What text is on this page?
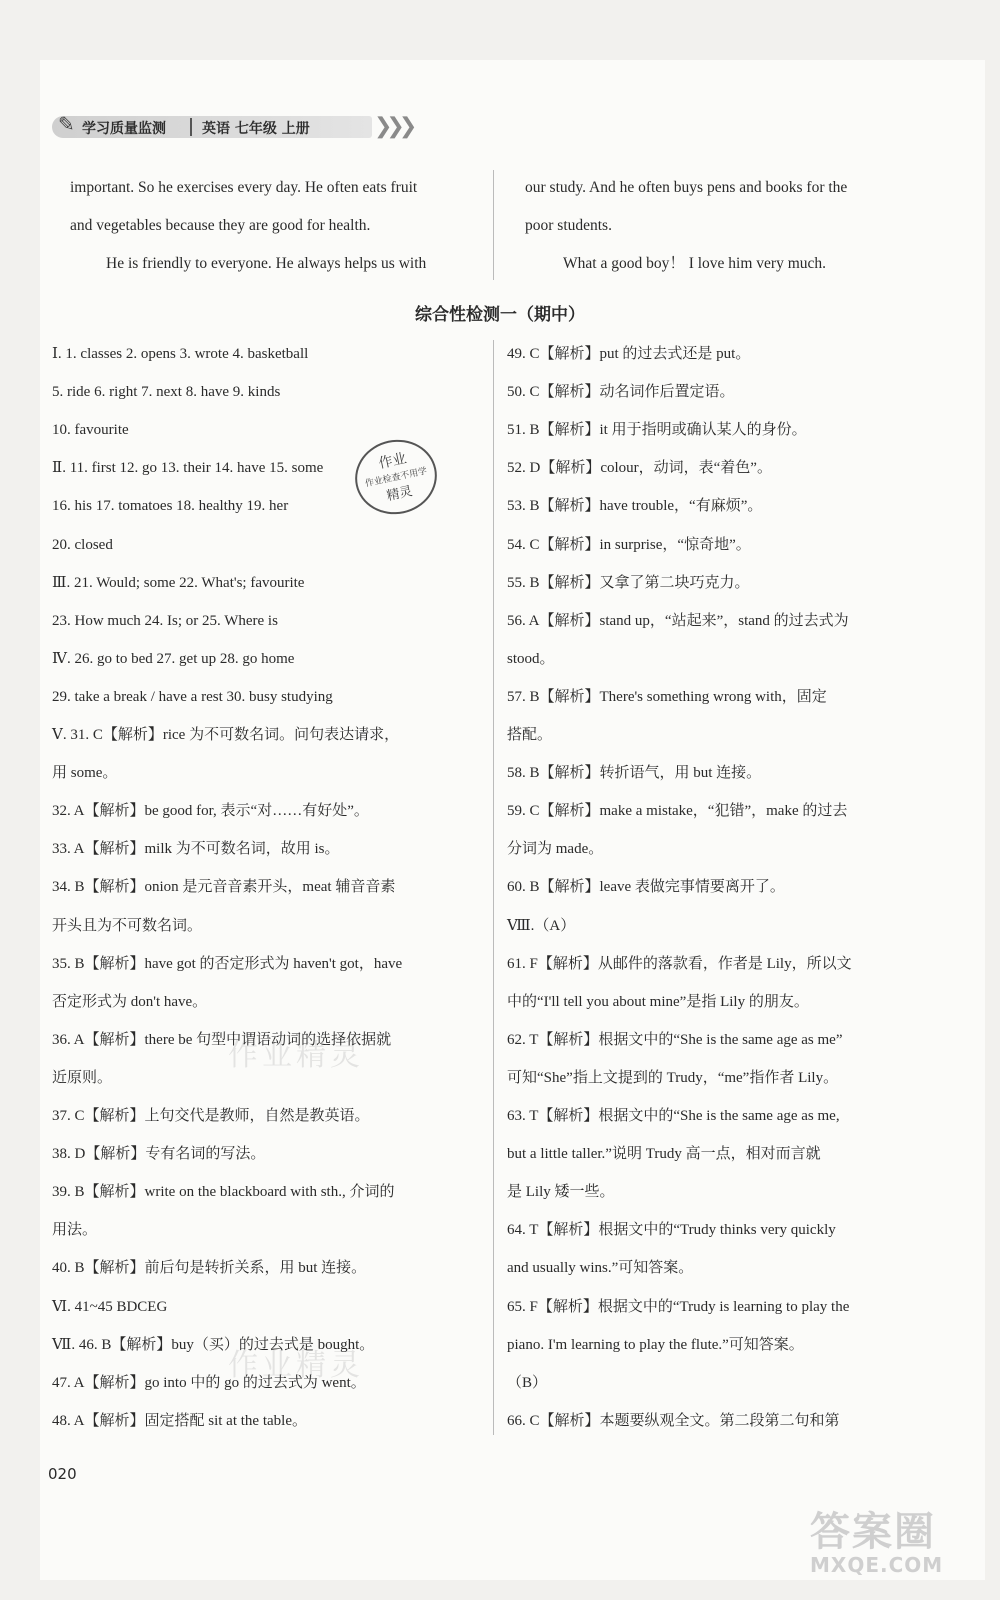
✎ 学习质量监测	英语 七年级 上册	❯❯❯
important. So he exercises every day. He often eats fruit
and vegetables because they are good for health.
He is friendly to everyone. He always helps us with
our study. And he often buys pens and books for the
poor students.
What a good boy！ I love him very much.
综合性检测一（期中）
Ⅰ. 1. classes 2. opens 3. wrote 4. basketball
5. ride 6. right 7. next 8. have 9. kinds
10. favourite
Ⅱ. 11. first 12. go 13. their 14. have 15. some
16. his 17. tomatoes 18. healthy 19. her
20. closed
Ⅲ. 21. Would; some 22. What's; favourite
23. How much 24. Is; or 25. Where is
Ⅳ. 26. go to bed 27. get up 28. go home
29. take a break / have a rest 30. busy studying
Ⅴ. 31. C【解析】rice 为不可数名词。问句表达请求，
用 some。
32. A【解析】be good for, 表示“对……有好处”。
33. A【解析】milk 为不可数名词，故用 is。
34. B【解析】onion 是元音音素开头，meat 辅音音素
开头且为不可数名词。
35. B【解析】have got 的否定形式为 haven't got，have
否定形式为 don't have。
36. A【解析】there be 句型中谓语动词的选择依据就
近原则。
37. C【解析】上句交代是教师，自然是教英语。
38. D【解析】专有名词的写法。
39. B【解析】write on the blackboard with sth., 介词的
用法。
40. B【解析】前后句是转折关系，用 but 连接。
Ⅵ. 41~45 BDCEG
Ⅶ. 46. B【解析】buy（买）的过去式是 bought。
47. A【解析】go into 中的 go 的过去式为 went。
48. A【解析】固定搭配 sit at the table。
49. C【解析】put 的过去式还是 put。
50. C【解析】动名词作后置定语。
51. B【解析】it 用于指明或确认某人的身份。
52. D【解析】colour，动词，表“着色”。
53. B【解析】have trouble，“有麻烦”。
54. C【解析】in surprise，“惊奇地”。
55. B【解析】又拿了第二块巧克力。
56. A【解析】stand up，“站起来”，stand 的过去式为
stood。
57. B【解析】There's something wrong with，固定
搭配。
58. B【解析】转折语气，用 but 连接。
59. C【解析】make a mistake，“犯错”，make 的过去
分词为 made。
60. B【解析】leave 表做完事情要离开了。
Ⅷ.（A）
61. F【解析】从邮件的落款看，作者是 Lily，所以文
中的“I'll tell you about mine”是指 Lily 的朋友。
62. T【解析】根据文中的“She is the same age as me”
可知“She”指上文提到的 Trudy，“me”指作者 Lily。
63. T【解析】根据文中的“She is the same age as me,
but a little taller.”说明 Trudy 高一点，相对而言就
是 Lily 矮一些。
64. T【解析】根据文中的“Trudy thinks very quickly
and usually wins.”可知答案。
65. F【解析】根据文中的“Trudy is learning to play the
piano. I'm learning to play the flute.”可知答案。
（B）
66. C【解析】本题要纵观全文。第二段第二句和第
作业
作业检查不用学
精灵
作业精灵
作业精灵
020
答案圈
MXQE.COM
